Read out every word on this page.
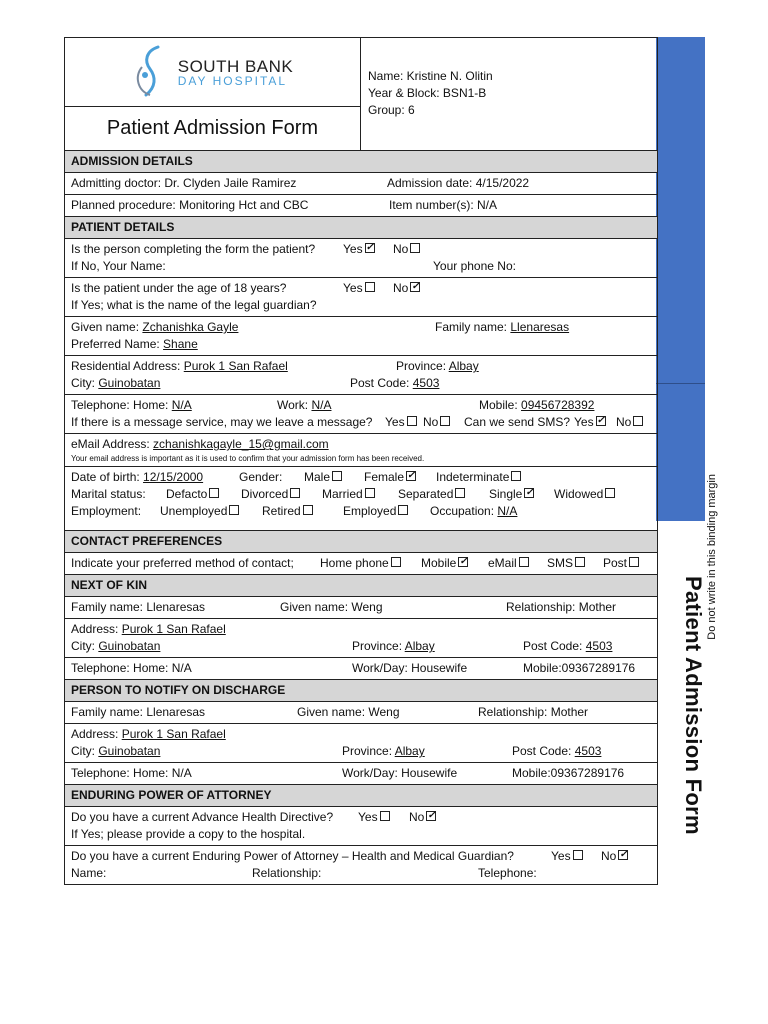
Patient Admission Form
Do not write in this binding margin
SOUTH BANK
DAY HOSPITAL
Patient Admission Form
Name: Kristine N. Olitin
Year & Block: BSN1-B
Group: 6
ADMISSION DETAILS
Admitting doctor: Dr. Clyden Jaile Ramirez	Admission date: 4/15/2022
Planned procedure: Monitoring Hct and CBC	Item number(s): N/A
PATIENT DETAILS
Is the person completing the form the patient? Yes ✓	No
If No, Your Name:	Your phone No:
Is the patient under the age of 18 years?	Yes	No✓
If Yes; what is the name of the legal guardian?
Given name: Zchanishka Gayle	Family name: Llenaresas
Preferred Name: Shane
Residential Address: Purok 1 San Rafael	Province: Albay
City: Guinobatan	Post Code: 4503
Telephone: Home: N/A	Work: N/A	Mobile: 09456728392
If there is a message service, may we leave a message? Yes	No	Can we send SMS? Yes ✓	No
eMail Address: zchanishkagayle_15@gmail.com
Your email address is important as it is used to confirm that your admission form has been received.
Date of birth: 12/15/2000	Gender: Male	Female ✓	Indeterminate
Marital status: Defacto	Divorced	Married	Separated	Single ✓	Widowed
Employment: Unemployed	Retired	Employed	Occupation: N/A
CONTACT PREFERENCES
Indicate your preferred method of contact; Home phone	Mobile ✓	eMail	SMS	Post
NEXT OF KIN
Family name: Llenaresas	Given name: Weng	Relationship: Mother
Address: Purok 1 San Rafael
City: Guinobatan	Province: Albay	Post Code: 4503
Telephone: Home: N/A	Work/Day: Housewife	Mobile:09367289176
PERSON TO NOTIFY ON DISCHARGE
Family name: Llenaresas	Given name: Weng	Relationship: Mother
Address: Purok 1 San Rafael
City: Guinobatan	Province: Albay	Post Code: 4503
Telephone: Home: N/A	Work/Day: Housewife	Mobile:09367289176
ENDURING POWER OF ATTORNEY
Do you have a current Advance Health Directive? Yes	No✓
If Yes; please provide a copy to the hospital.
Do you have a current Enduring Power of Attorney – Health and Medical Guardian?	Yes	No✓
Name:	Relationship:	Telephone:
